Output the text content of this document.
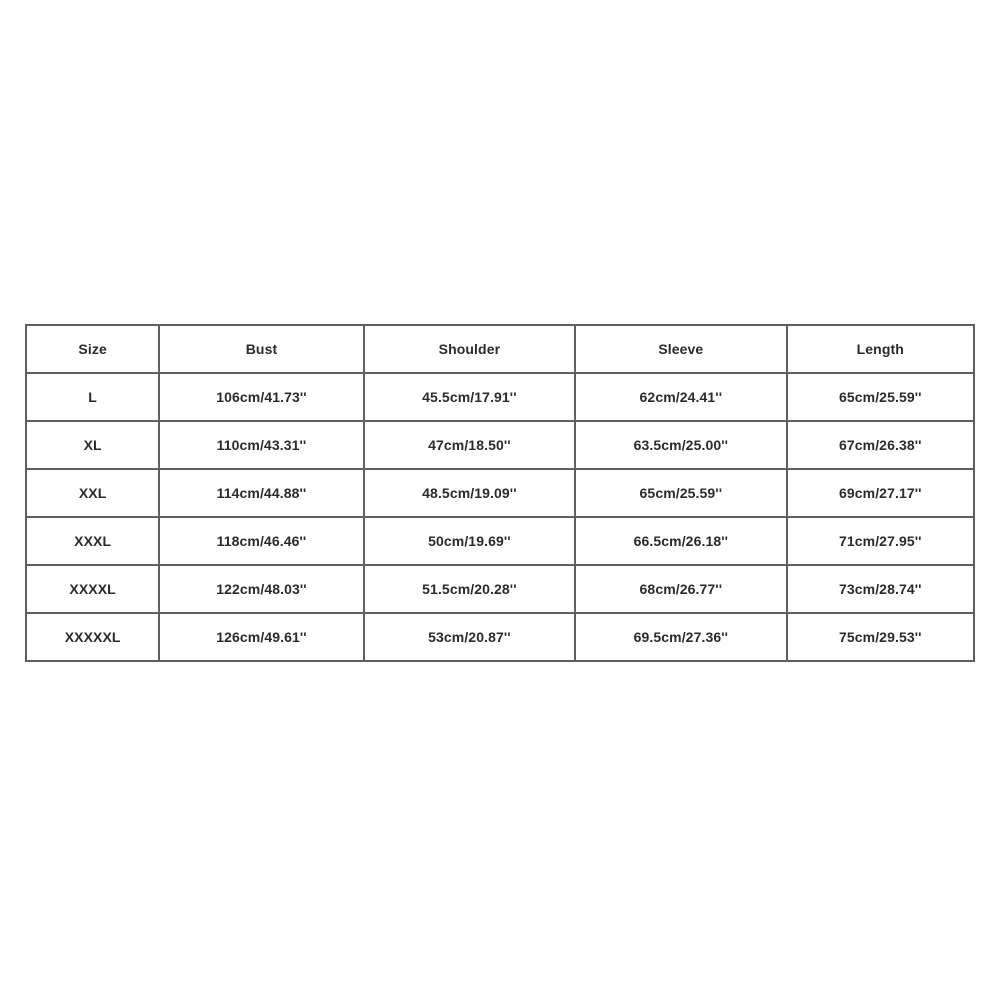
Size	Bust	Shoulder	Sleeve	Length
L	106cm/41.73''	45.5cm/17.91''	62cm/24.41''	65cm/25.59''
XL	110cm/43.31''	47cm/18.50''	63.5cm/25.00''	67cm/26.38''
XXL	114cm/44.88''	48.5cm/19.09''	65cm/25.59''	69cm/27.17''
XXXL	118cm/46.46''	50cm/19.69''	66.5cm/26.18''	71cm/27.95''
XXXXL	122cm/48.03''	51.5cm/20.28''	68cm/26.77''	73cm/28.74''
XXXXXL	126cm/49.61''	53cm/20.87''	69.5cm/27.36''	75cm/29.53''
